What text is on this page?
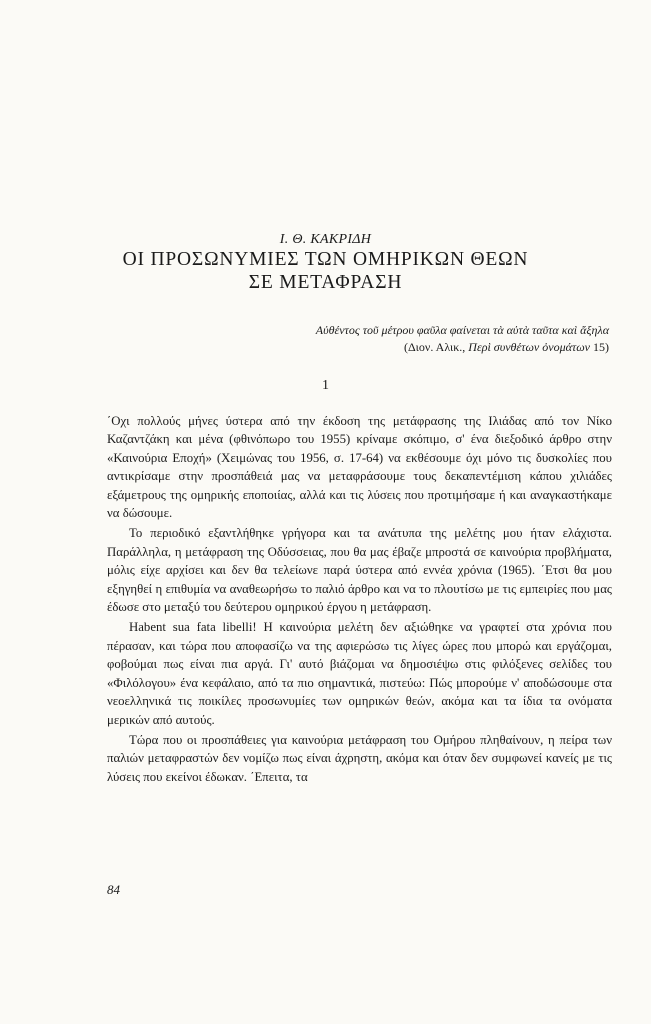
Ι. Θ. ΚΑΚΡΙΔΗ
ΟΙ ΠΡΟΣΩΝΥΜΙΕΣ ΤΩΝ ΟΜΗΡΙΚΩΝ ΘΕΩΝ
ΣΕ ΜΕΤΑΦΡΑΣΗ
Αὐθέντος τοῦ μέτρου φαῦλα φαίνεται τὰ αὐτὰ ταῦτα καὶ ἄξηλα
(Διον. Αλικ., Περὶ συνθέτων ὀνομάτων 15)
1

΄Οχι πολλούς μήνες ύστερα από την έκδοση της μετάφρασης της Ιλιάδας από τον Νίκο Καζαντζάκη και μένα (φθινόπωρο του 1955) κρίναμε σκόπιμο, σ' ένα διεξοδικό άρθρο στην «Καινούρια Εποχή» (Χειμώνας του 1956, σ. 17-64) να εκθέσουμε όχι μόνο τις δυσκολίες που αντικρίσαμε στην προσπάθειά μας να μεταφράσουμε τους δεκαπεντέμιση κάπου χιλιάδες εξάμετρους της ομηρικής εποποιίας, αλλά και τις λύσεις που προτιμήσαμε ή και αναγκαστήκαμε να δώσουμε.

Το περιοδικό εξαντλήθηκε γρήγορα και τα ανάτυπα της μελέτης μου ήταν ελάχιστα. Παράλληλα, η μετάφραση της Οδύσσειας, που θα μας έβαζε μπροστά σε καινούρια προβλήματα, μόλις είχε αρχίσει και δεν θα τελείωνε παρά ύστερα από εννέα χρόνια (1965). ΄Ετσι θα μου εξηγηθεί η επιθυμία να αναθεωρήσω το παλιό άρθρο και να το πλουτίσω με τις εμπειρίες που μας έδωσε στο μεταξύ του δεύτερου ομηρικού έργου η μετάφραση.

Habent sua fata libelli! Η καινούρια μελέτη δεν αξιώθηκε να γραφτεί στα χρόνια που πέρασαν, και τώρα που αποφασίζω να της αφιερώσω τις λίγες ώρες που μπορώ και εργάζομαι, φοβούμαι πως είναι πια αργά. Γι' αυτό βιάζομαι να δημοσιέψω στις φιλόξενες σελίδες του «Φιλόλογου» ένα κεφάλαιο, από τα πιο σημαντικά, πιστεύω: Πώς μπορούμε ν' αποδώσουμε στα νεοελληνικά τις ποικίλες προσωνυμίες των ομηρικών θεών, ακόμα και τα ίδια τα ονόματα μερικών από αυτούς.

Τώρα που οι προσπάθειες για καινούρια μετάφραση του Ομήρου πληθαίνουν, η πείρα των παλιών μεταφραστών δεν νομίζω πως είναι άχρηστη, ακόμα και όταν δεν συμφωνεί κανείς με τις λύσεις που εκείνοι έδωκαν. ΄Επειτα, τα

84
